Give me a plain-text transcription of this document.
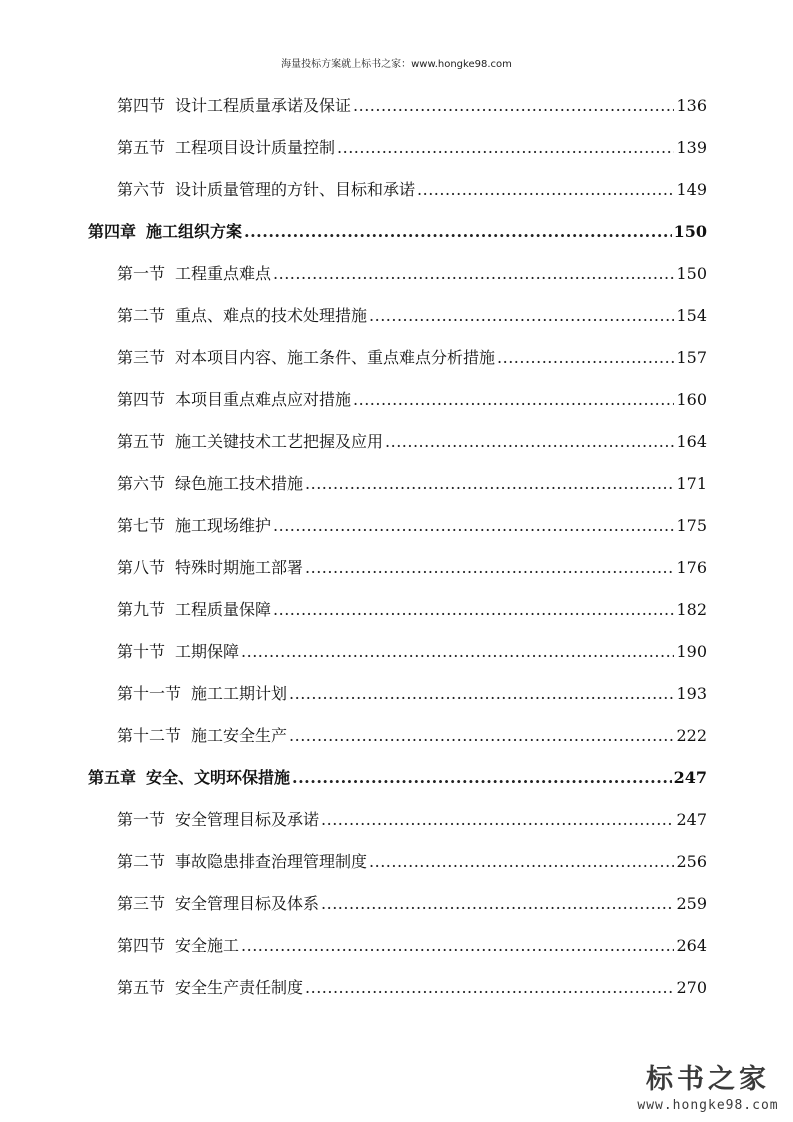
海量投标方案就上标书之家：www.hongke98.com
第四节 设计工程质量承诺及保证 .....	136
第五节 工程项目设计质量控制 .....	139
第六节 设计质量管理的方针、目标和承诺 .....	149
第四章 施工组织方案 .....	150
第一节 工程重点难点 .....	150
第二节 重点、难点的技术处理措施 .....	154
第三节 对本项目内容、施工条件、重点难点分析措施 .....	157
第四节 本项目重点难点应对措施 .....	160
第五节 施工关键技术工艺把握及应用 .....	164
第六节 绿色施工技术措施 .....	171
第七节 施工现场维护 .....	175
第八节 特殊时期施工部署 .....	176
第九节 工程质量保障 .....	182
第十节 工期保障 .....	190
第十一节 施工工期计划 .....	193
第十二节 施工安全生产 .....	222
第五章 安全、文明环保措施 .....	247
第一节 安全管理目标及承诺 .....	247
第二节 事故隐患排查治理管理制度 .....	256
第三节 安全管理目标及体系 .....	259
第四节 安全施工 .....	264
第五节 安全生产责任制度 .....	270
标书之家
www.hongke98.com
